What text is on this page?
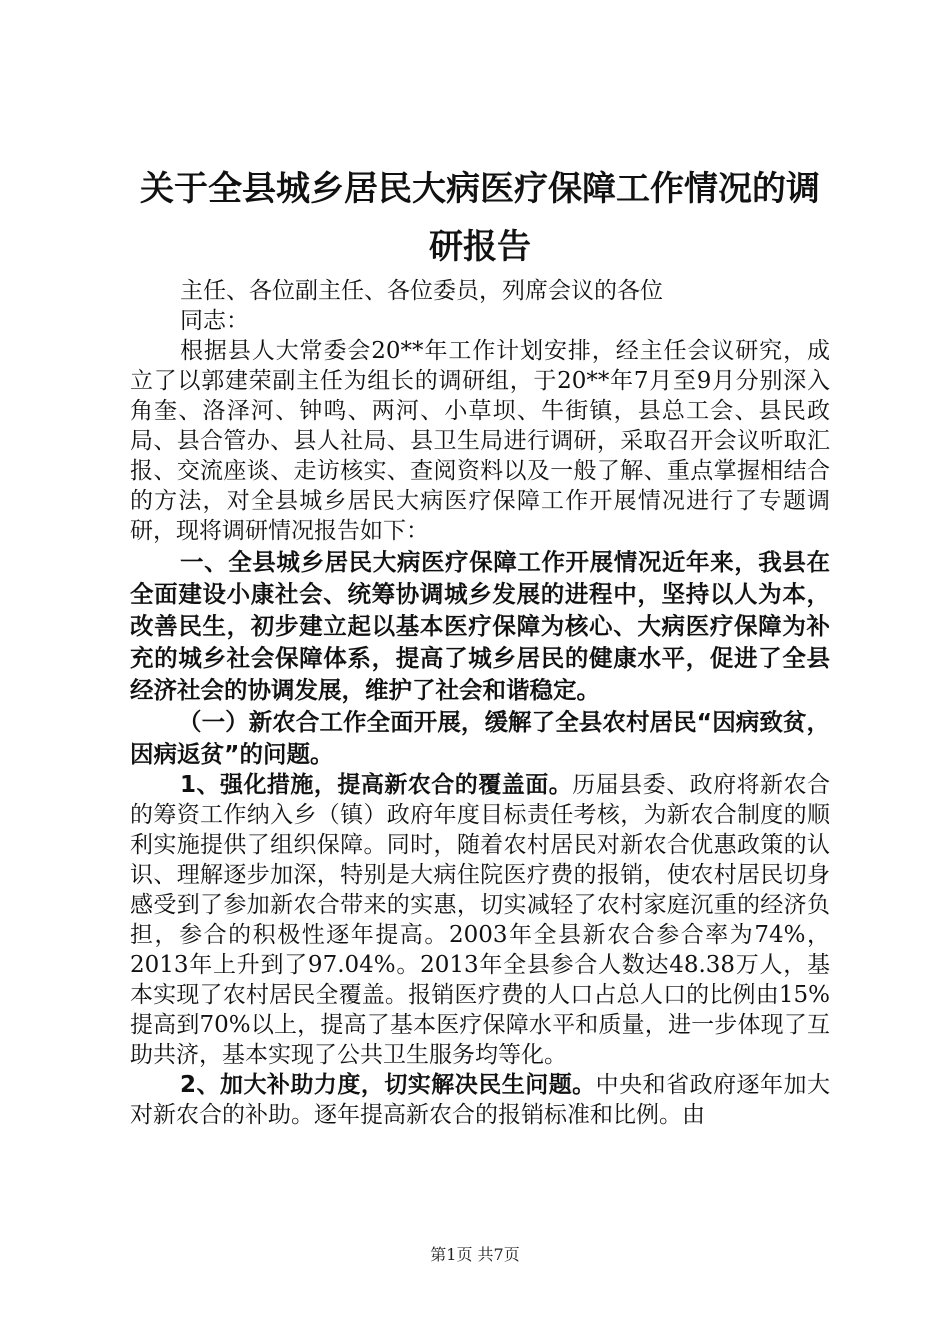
关于全县城乡居民大病医疗保障工作情况的调
研报告

主任、各位副主任、各位委员，列席会议的各位

同志：

根据县人大常委会20**年工作计划安排，经主任会议研究，成立了以郭建荣副主任为组长的调研组，于20**年7月至9月分别深入角奎、洛泽河、钟鸣、两河、小草坝、牛街镇，县总工会、县民政局、县合管办、县人社局、县卫生局进行调研，采取召开会议听取汇报、交流座谈、走访核实、查阅资料以及一般了解、重点掌握相结合的方法，对全县城乡居民大病医疗保障工作开展情况进行了专题调研，现将调研情况报告如下：

一、全县城乡居民大病医疗保障工作开展情况近年来，我县在全面建设小康社会、统筹协调城乡发展的进程中，坚持以人为本，改善民生，初步建立起以基本医疗保障为核心、大病医疗保障为补充的城乡社会保障体系，提高了城乡居民的健康水平，促进了全县经济社会的协调发展，维护了社会和谐稳定。

（一）新农合工作全面开展，缓解了全县农村居民“因病致贫，因病返贫”的问题。

1、强化措施，提高新农合的覆盖面。历届县委、政府将新农合的筹资工作纳入乡（镇）政府年度目标责任考核，为新农合制度的顺利实施提供了组织保障。同时，随着农村居民对新农合优惠政策的认识、理解逐步加深，特别是大病住院医疗费的报销，使农村居民切身感受到了参加新农合带来的实惠，切实减轻了农村家庭沉重的经济负担，参合的积极性逐年提高。2003年全县新农合参合率为74%，2013年上升到了97.04%。2013年全县参合人数达48.38万人，基本实现了农村居民全覆盖。报销医疗费的人口占总人口的比例由15%提高到70%以上，提高了基本医疗保障水平和质量，进一步体现了互助共济，基本实现了公共卫生服务均等化。

2、加大补助力度，切实解决民生问题。中央和省政府逐年加大对新农合的补助。逐年提高新农合的报销标准和比例。由

第1页 共7页
